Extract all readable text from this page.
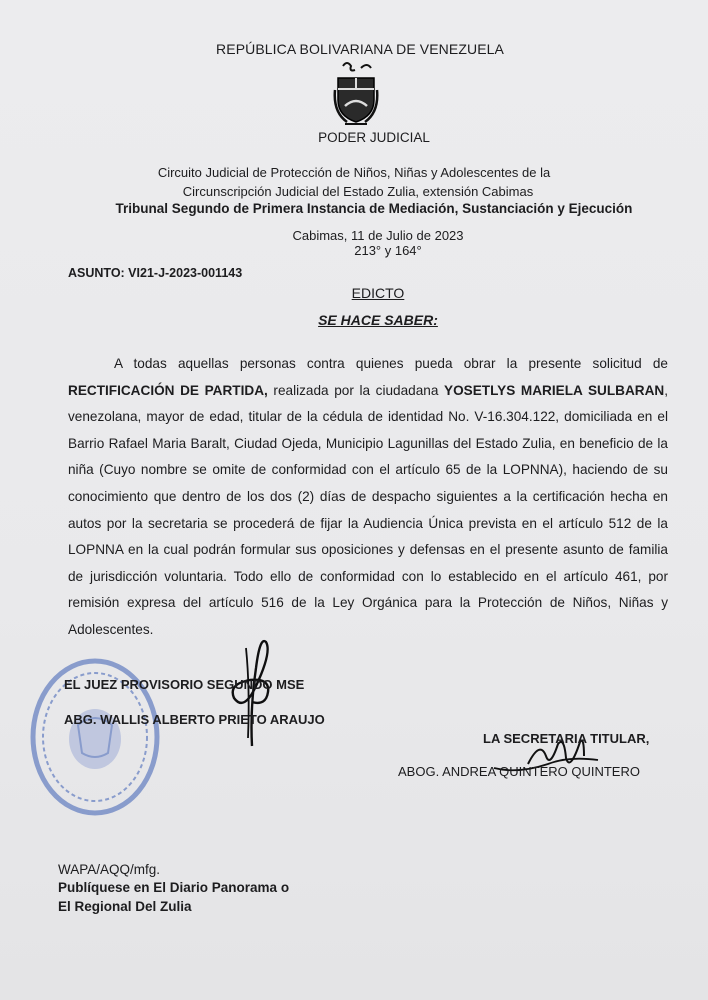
REPÚBLICA BOLIVARIANA DE VENEZUELA
PODER JUDICIAL
Circuito Judicial de Protección de Niños, Niñas y Adolescentes de la
Circunscripción Judicial del Estado Zulia, extensión Cabimas
Tribunal Segundo de Primera Instancia de Mediación, Sustanciación y Ejecución
Cabimas, 11 de Julio de 2023
213° y 164°
ASUNTO: VI21-J-2023-001143
EDICTO
SE HACE SABER:

A todas aquellas personas contra quienes pueda obrar la presente solicitud de RECTIFICACIÓN DE PARTIDA, realizada por la ciudadana YOSETLYS MARIELA SULBARAN, venezolana, mayor de edad, titular de la cédula de identidad No. V-16.304.122, domiciliada en el Barrio Rafael Maria Baralt, Ciudad Ojeda, Municipio Lagunillas del Estado Zulia, en beneficio de la niña (Cuyo nombre se omite de conformidad con el artículo 65 de la LOPNNA), haciendo de su conocimiento que dentro de los dos (2) días de despacho siguientes a la certificación hecha en autos por la secretaria se procederá de fijar la Audiencia Única prevista en el artículo 512 de la LOPNNA en la cual podrán formular sus oposiciones y defensas en el presente asunto de familia de jurisdicción voluntaria. Todo ello de conformidad con lo establecido en el artículo 461, por remisión expresa del artículo 516 de la Ley Orgánica para la Protección de Niños, Niñas y Adolescentes.

EL JUEZ PROVISORIO SEGUNDO MSE
ABG. WALLIS ALBERTO PRIETO ARAUJO
LA SECRETARIA TITULAR,
ABOG. ANDREA QUINTERO QUINTERO
WAPA/AQQ/mfg.
Publíquese en El Diario Panorama o
El Regional Del Zulia
